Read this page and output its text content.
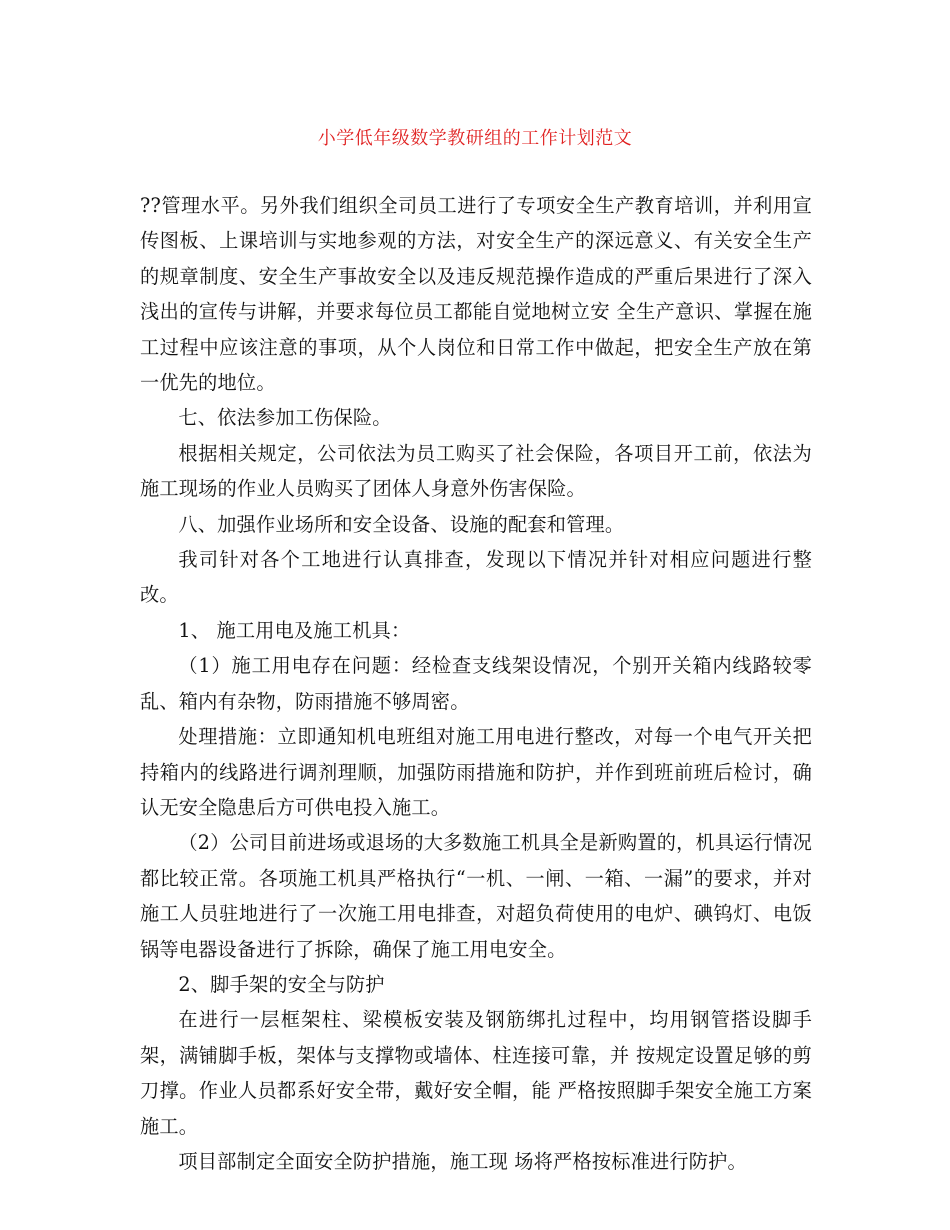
小学低年级数学教研组的工作计划范文

??管理水平。另外我们组织全司员工进行了专项安全生产教育培训，并利用宣传图板、上课培训与实地参观的方法，对安全生产的深远意义、有关安全生产的规章制度、安全生产事故安全以及违反规范操作造成的严重后果进行了深入浅出的宣传与讲解，并要求每位员工都能自觉地树立安 全生产意识、掌握在施工过程中应该注意的事项，从个人岗位和日常工作中做起，把安全生产放在第一优先的地位。

七、依法参加工伤保险。

根据相关规定，公司依法为员工购买了社会保险，各项目开工前，依法为施工现场的作业人员购买了团体人身意外伤害保险。

八、加强作业场所和安全设备、设施的配套和管理。

我司针对各个工地进行认真排查，发现以下情况并针对相应问题进行整改。

1、 施工用电及施工机具：

（1）施工用电存在问题：经检查支线架设情况，个别开关箱内线路较零乱、箱内有杂物，防雨措施不够周密。

处理措施：立即通知机电班组对施工用电进行整改，对每一个电气开关把持箱内的线路进行调剂理顺，加强防雨措施和防护，并作到班前班后检讨，确认无安全隐患后方可供电投入施工。

（2）公司目前进场或退场的大多数施工机具全是新购置的，机具运行情况都比较正常。各项施工机具严格执行“一机、一闸、一箱、一漏”的要求，并对施工人员驻地进行了一次施工用电排查，对超负荷使用的电炉、碘钨灯、电饭锅等电器设备进行了拆除，确保了施工用电安全。

2、脚手架的安全与防护

在进行一层框架柱、梁模板安装及钢筋绑扎过程中，均用钢管搭设脚手架，满铺脚手板，架体与支撑物或墙体、柱连接可靠，并 按规定设置足够的剪刀撑。作业人员都系好安全带，戴好安全帽，能 严格按照脚手架安全施工方案施工。

项目部制定全面安全防护措施，施工现 场将严格按标准进行防护。
